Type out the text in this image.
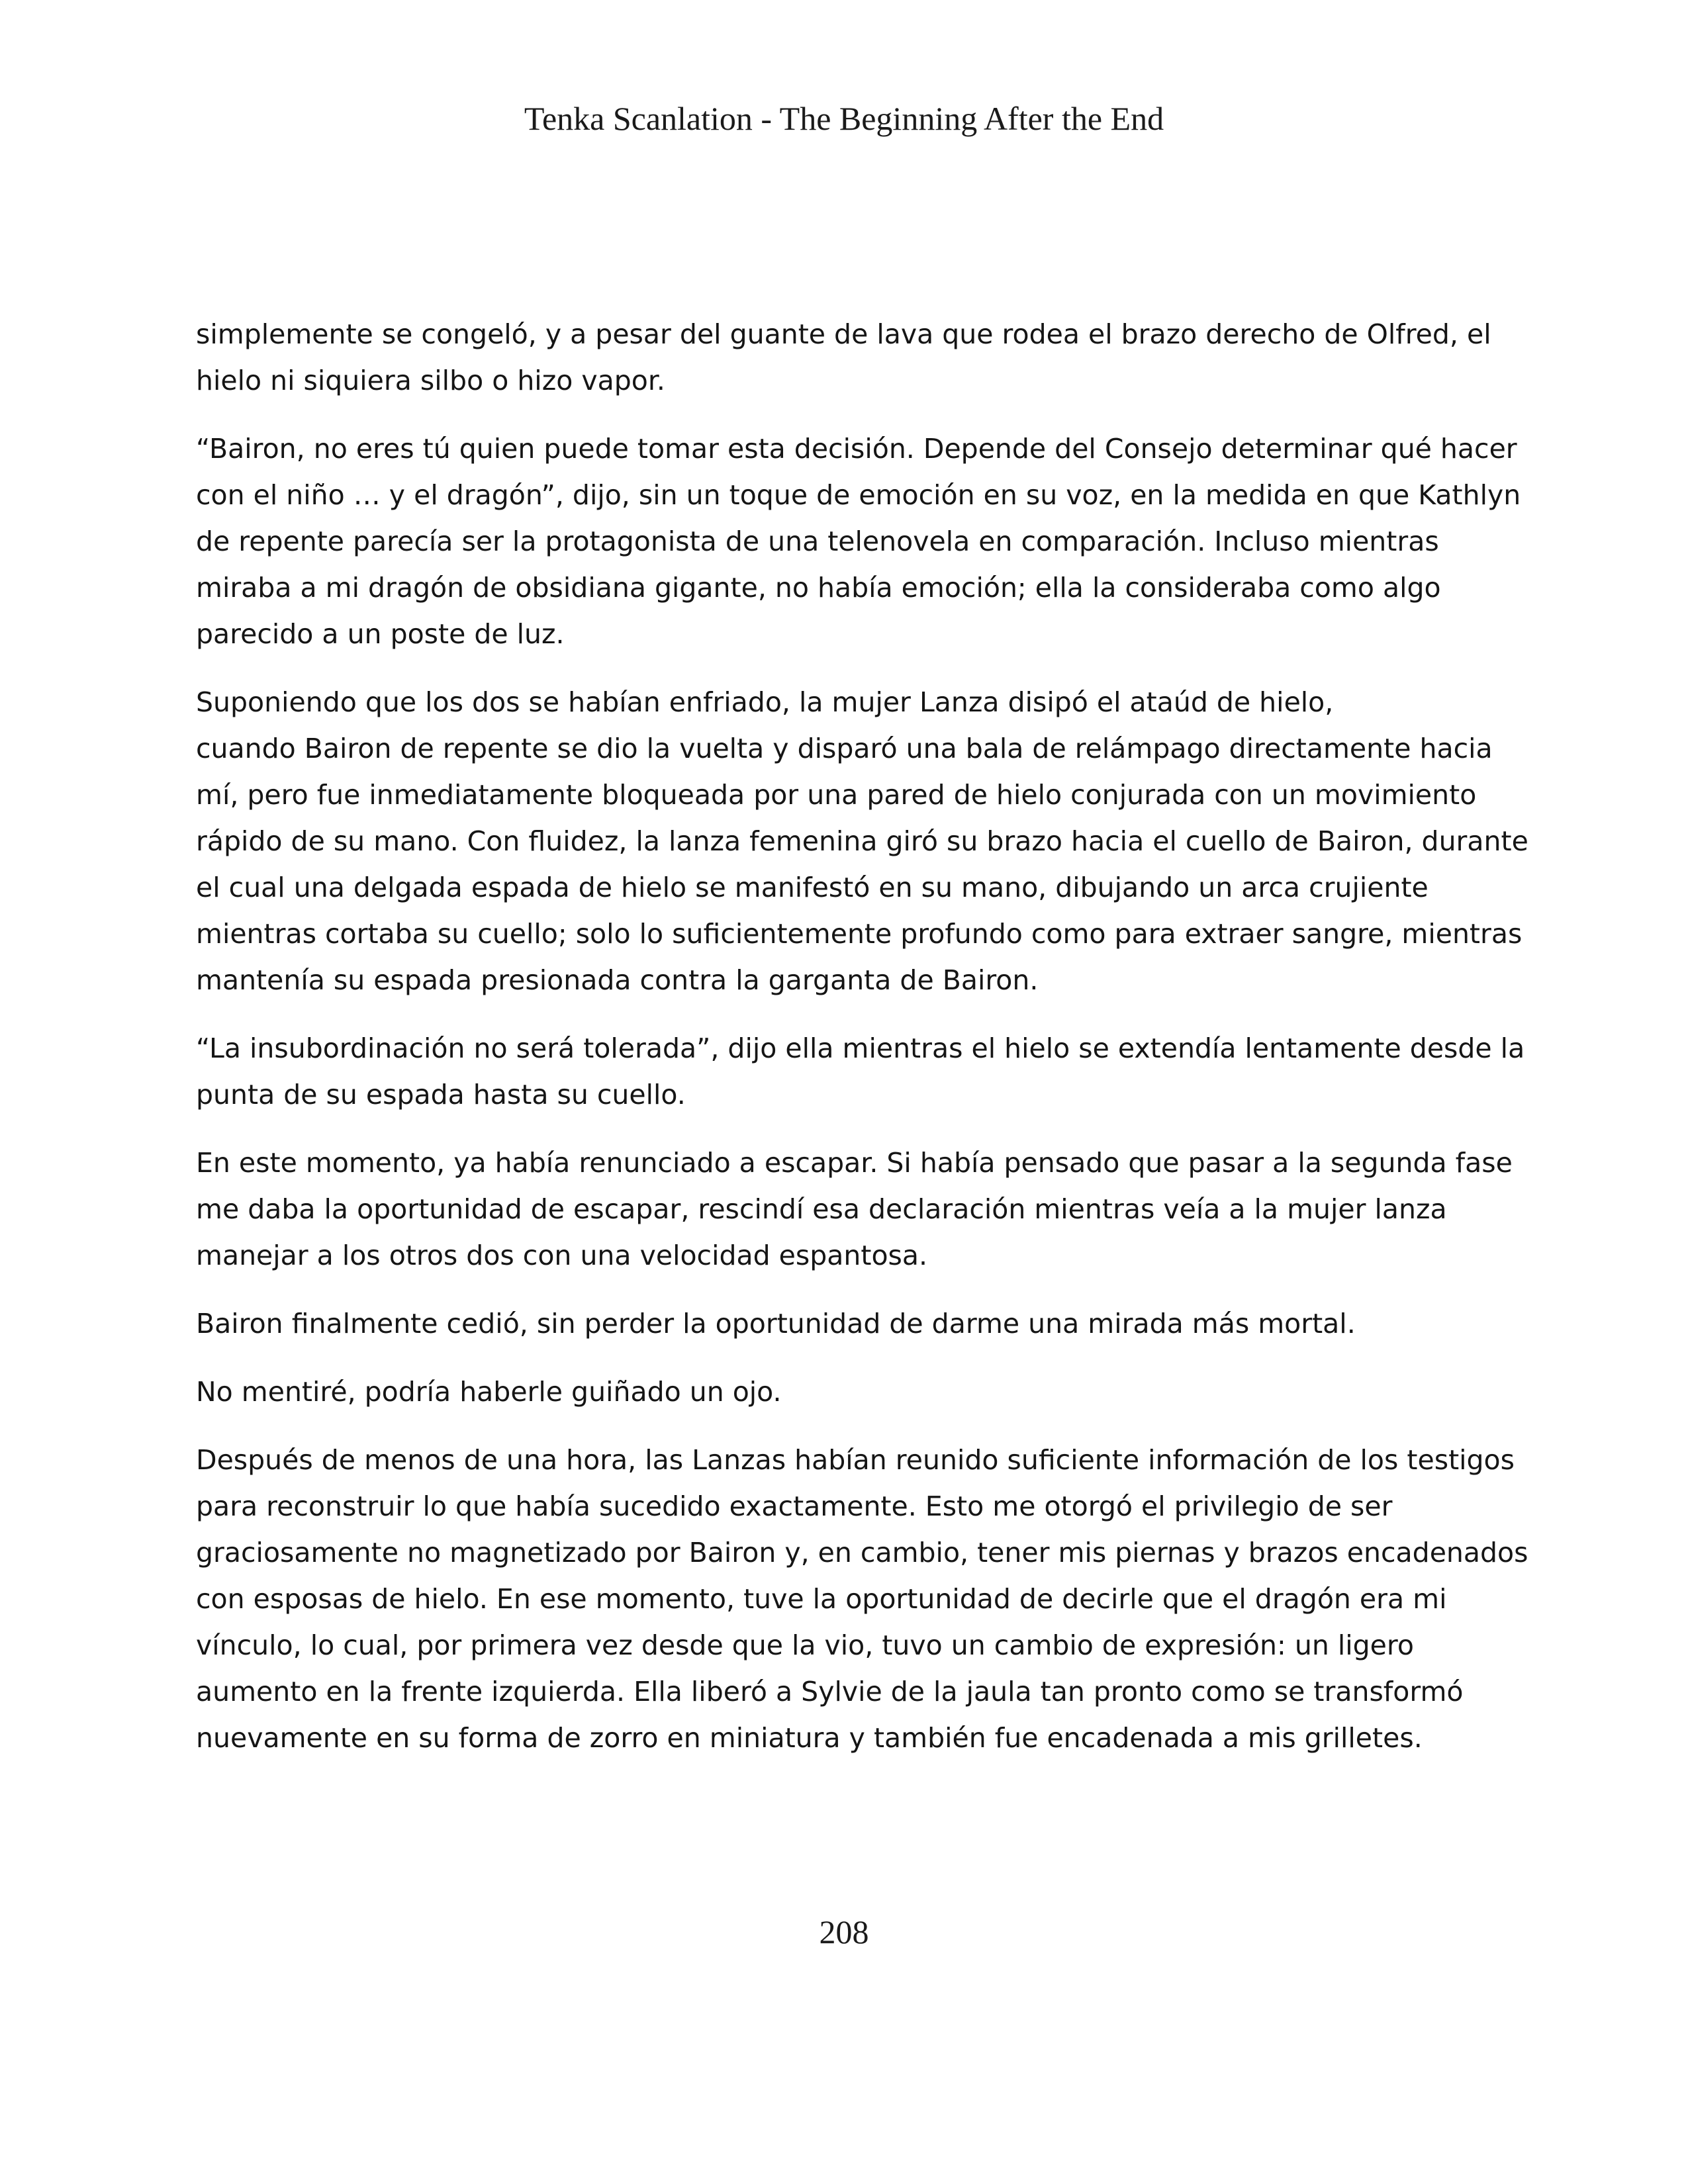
Tenka Scanlation - The Beginning After the End
simplemente se congeló, y a pesar del guante de lava que rodea el brazo derecho de Olfred, el
hielo ni siquiera silbo o hizo vapor.
“Bairon, no eres tú quien puede tomar esta decisión. Depende del Consejo determinar qué hacer
con el niño … y el dragón”, dijo, sin un toque de emoción en su voz, en la medida en que Kathlyn
de repente parecía ser la protagonista de una telenovela en comparación. Incluso mientras
miraba a mi dragón de obsidiana gigante, no había emoción; ella la consideraba como algo
parecido a un poste de luz.
Suponiendo que los dos se habían enfriado, la mujer Lanza disipó el ataúd de hielo,
cuando Bairon de repente se dio la vuelta y disparó una bala de relámpago directamente hacia
mí, pero fue inmediatamente bloqueada por una pared de hielo conjurada con un movimiento
rápido de su mano. Con fluidez, la lanza femenina giró su brazo hacia el cuello de Bairon, durante
el cual una delgada espada de hielo se manifestó en su mano, dibujando un arca crujiente
mientras cortaba su cuello; solo lo suficientemente profundo como para extraer sangre, mientras
mantenía su espada presionada contra la garganta de Bairon.
“La insubordinación no será tolerada”, dijo ella mientras el hielo se extendía lentamente desde la
punta de su espada hasta su cuello.
En este momento, ya había renunciado a escapar. Si había pensado que pasar a la segunda fase
me daba la oportunidad de escapar, rescindí esa declaración mientras veía a la mujer lanza
manejar a los otros dos con una velocidad espantosa.
Bairon finalmente cedió, sin perder la oportunidad de darme una mirada más mortal.
No mentiré, podría haberle guiñado un ojo.
Después de menos de una hora, las Lanzas habían reunido suficiente información de los testigos
para reconstruir lo que había sucedido exactamente. Esto me otorgó el privilegio de ser
graciosamente no magnetizado por Bairon y, en cambio, tener mis piernas y brazos encadenados
con esposas de hielo. En ese momento, tuve la oportunidad de decirle que el dragón era mi
vínculo, lo cual, por primera vez desde que la vio, tuvo un cambio de expresión: un ligero
aumento en la frente izquierda. Ella liberó a Sylvie de la jaula tan pronto como se transformó
nuevamente en su forma de zorro en miniatura y también fue encadenada a mis grilletes.
208
